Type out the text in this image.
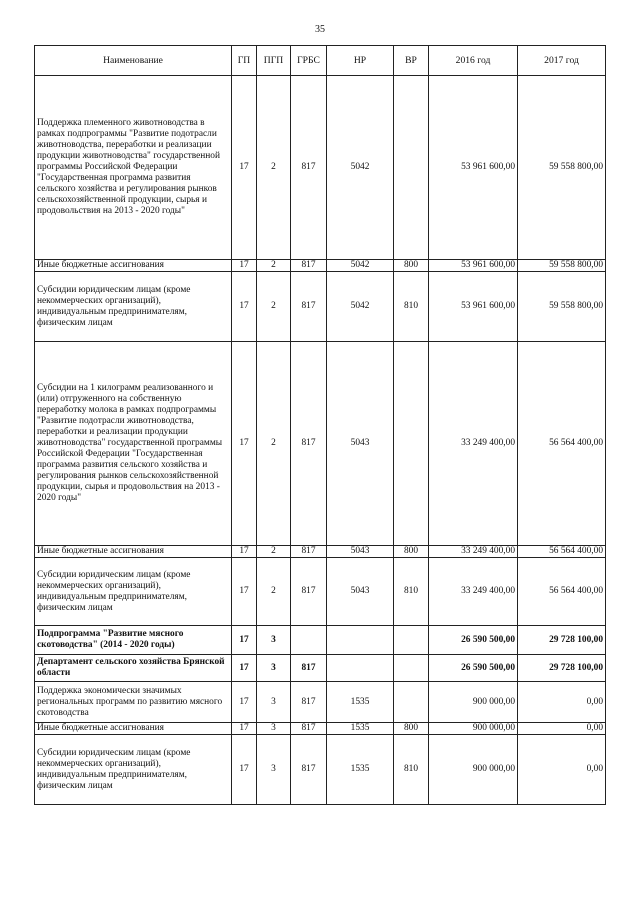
35
Наименование	ГП	ПГП	ГРБС	НР	ВР	2016 год	2017 год
Поддержка племенного животноводства в рамках подпрограммы "Развитие подотрасли животноводства, переработки и реализации продукции животноводства" государственной программы Российской Федерации "Государственная программа развития сельского хозяйства и регулирования рынков сельскохозяйственной продукции, сырья и продовольствия на 2013 - 2020 годы"	17	2	817	5042		53 961 600,00	59 558 800,00
Иные бюджетные ассигнования	17	2	817	5042	800	53 961 600,00	59 558 800,00
Субсидии юридическим лицам (кроме некоммерческих организаций), индивидуальным предпринимателям, физическим лицам	17	2	817	5042	810	53 961 600,00	59 558 800,00
Субсидии на 1 килограмм реализованного и (или) отгруженного на собственную переработку молока в рамках подпрограммы "Развитие подотрасли животноводства, переработки и реализации продукции животноводства" государственной программы Российской Федерации "Государственная программа развития сельского хозяйства и регулирования рынков сельскохозяйственной продукции, сырья и продовольствия на 2013 - 2020 годы"	17	2	817	5043		33 249 400,00	56 564 400,00
Иные бюджетные ассигнования	17	2	817	5043	800	33 249 400,00	56 564 400,00
Субсидии юридическим лицам (кроме некоммерческих организаций), индивидуальным предпринимателям, физическим лицам	17	2	817	5043	810	33 249 400,00	56 564 400,00
Подпрограмма "Развитие мясного скотоводства" (2014 - 2020 годы)	17	3				26 590 500,00	29 728 100,00
Департамент сельского хозяйства Брянской области	17	3	817			26 590 500,00	29 728 100,00
Поддержка экономически значимых региональных программ по развитию мясного скотоводства	17	3	817	1535		900 000,00	0,00
Иные бюджетные ассигнования	17	3	817	1535	800	900 000,00	0,00
Субсидии юридическим лицам (кроме некоммерческих организаций), индивидуальным предпринимателям, физическим лицам	17	3	817	1535	810	900 000,00	0,00
